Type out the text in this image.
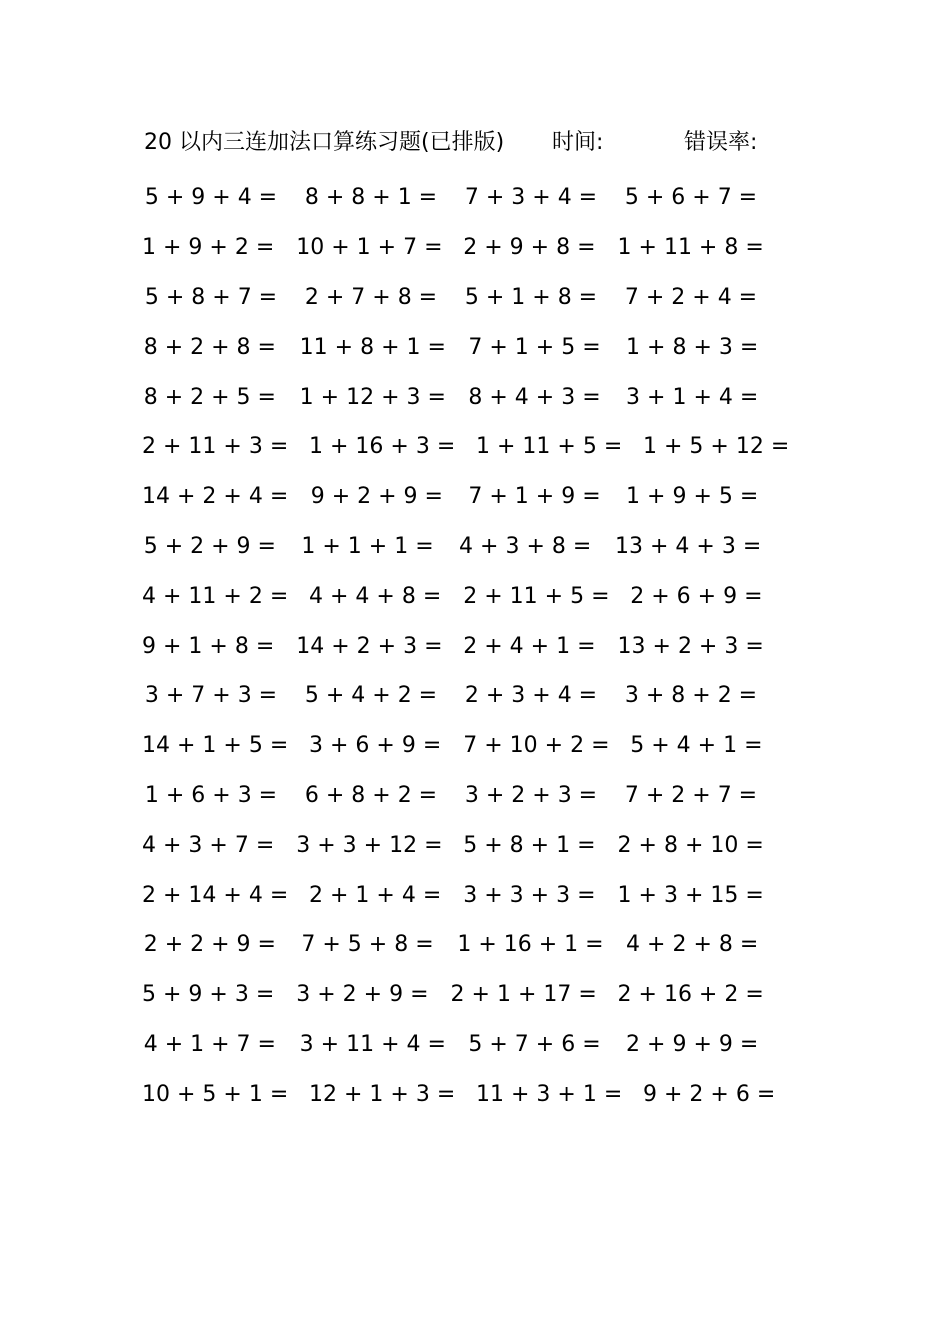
20 以内三连加法口算练习题(已排版) 时间:	错误率:
5 + 9 + 4 =	8 + 8 + 1 =	7 + 3 + 4 =	5 + 6 + 7 =
1 + 9 + 2 =	10 + 1 + 7 = 2 + 9 + 8 =	1 + 11 + 8 =
5 + 8 + 7 =	2 + 7 + 8 =	5 + 1 + 8 =	7 + 2 + 4 =
8 + 2 + 8 =	11 + 8 + 1 =	7 + 1 + 5 =	1 + 8 + 3 =
8 + 2 + 5 =	1 + 12 + 3 =	8 + 4 + 3 =	3 + 1 + 4 =
2 + 11 + 3 = 1 + 16 + 3 = 1 + 11 + 5 = 1 + 5 + 12 =
14 + 2 + 4 =	9 + 2 + 9 =	7 + 1 + 9 =	1 + 9 + 5 =
5 + 2 + 9 =	1 + 1 + 1 =	4 + 3 + 8 =	13 + 4 + 3 =
4 + 11 + 2 = 4 + 4 + 8 =	2 + 11 + 5 = 2 + 6 + 9 =
9 + 1 + 8 =	14 + 2 + 3 = 2 + 4 + 1 =	13 + 2 + 3 =
3 + 7 + 3 =	5 + 4 + 2 =	2 + 3 + 4 =	3 + 8 + 2 =
14 + 1 + 5 = 3 + 6 + 9 =	7 + 10 + 2 = 5 + 4 + 1 =
1 + 6 + 3 =	6 + 8 + 2 =	3 + 2 + 3 =	7 + 2 + 7 =
4 + 3 + 7 =	3 + 3 + 12 = 5 + 8 + 1 =	2 + 8 + 10 =
2 + 14 + 4 = 2 + 1 + 4 =	3 + 3 + 3 =	1 + 3 + 15 =
2 + 2 + 9 =	7 + 5 + 8 =	1 + 16 + 1 =	4 + 2 + 8 =
5 + 9 + 3 =	3 + 2 + 9 =	2 + 1 + 17 = 2 + 16 + 2 =
4 + 1 + 7 =	3 + 11 + 4 =	5 + 7 + 6 =	2 + 9 + 9 =
10 + 5 + 1 = 12 + 1 + 3 = 11 + 3 + 1 = 9 + 2 + 6 =
